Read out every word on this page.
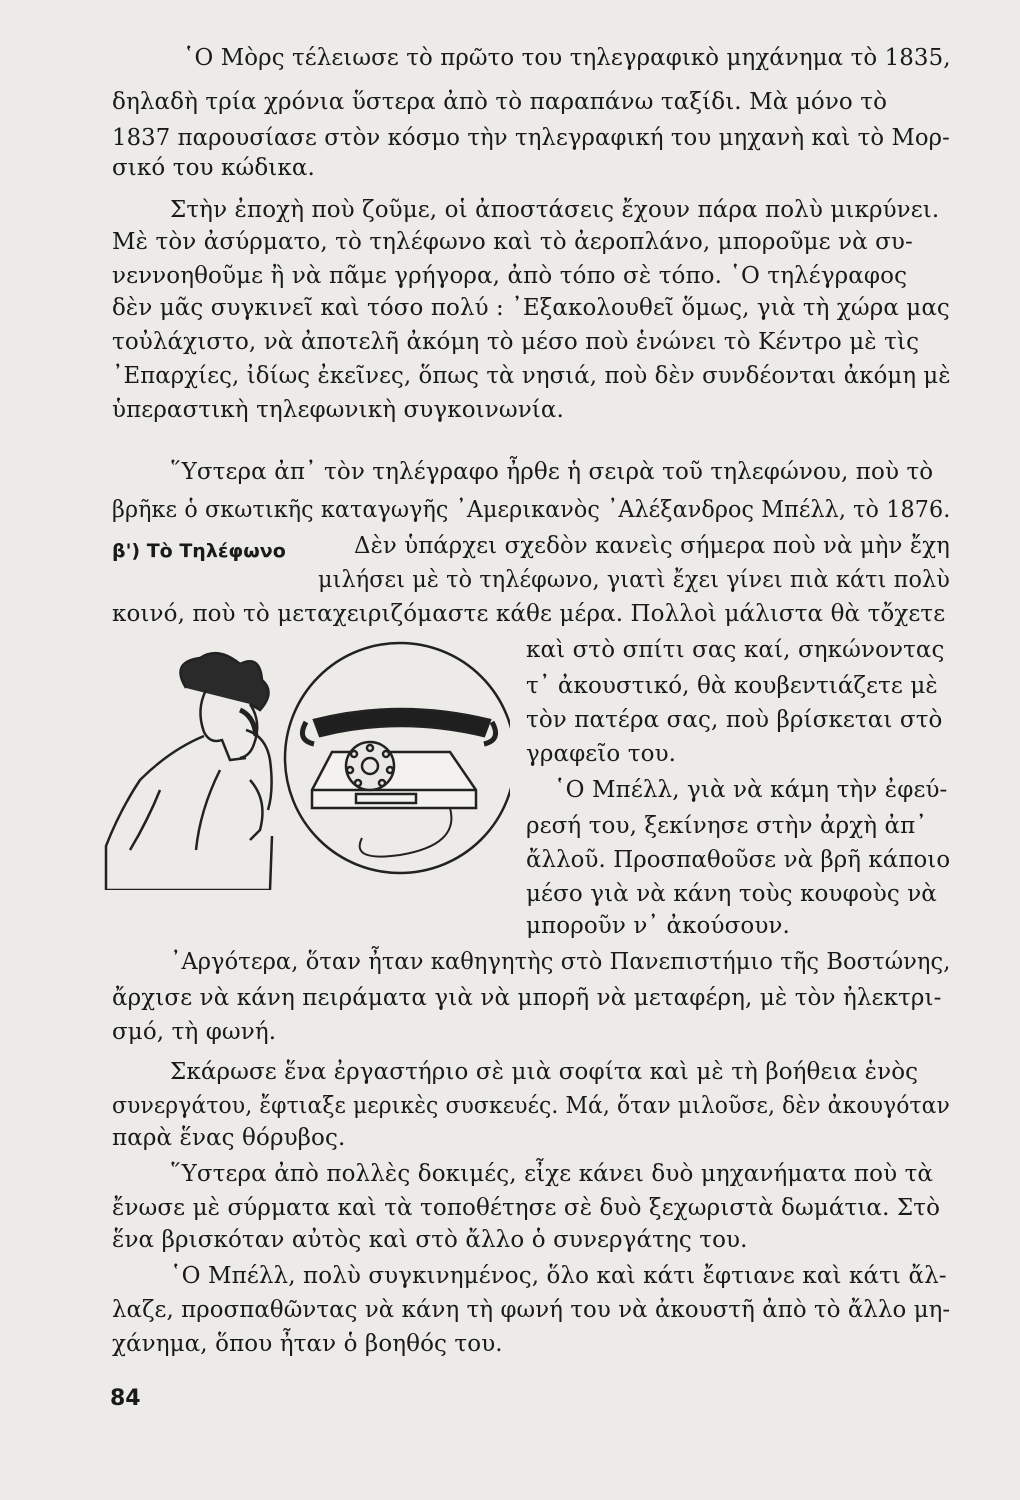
῾Ο Μὸρς τέλειωσε τὸ πρῶτο του τηλεγραφικὸ μηχάνημα τὸ 1835,
δηλαδὴ τρία χρόνια ὕστερα ἀπὸ τὸ παραπάνω ταξίδι. Μὰ μόνο τὸ
1837 παρουσίασε στὸν κόσμο τὴν τηλεγραφική του μηχανὴ καὶ τὸ Μορ-
σικό του κώδικα.
Στὴν ἐποχὴ ποὺ ζοῦμε, οἱ ἀποστάσεις ἔχουν πάρα πολὺ μικρύνει.
Μὲ τὸν ἀσύρματο, τὸ τηλέφωνο καὶ τὸ ἀεροπλάνο, μποροῦμε νὰ συ-
νεννοηθοῦμε ἢ νὰ πᾶμε γρήγορα, ἀπὸ τόπο σὲ τόπο. ῾Ο τηλέγραφος
δὲν μᾶς συγκινεῖ καὶ τόσο πολύ : ᾿Εξακολουθεῖ ὅμως, γιὰ τὴ χώρα μας
τοὐλάχιστο, νὰ ἀποτελῆ ἀκόμη τὸ μέσο ποὺ ἑνώνει τὸ Κέντρο μὲ τὶς
᾿Επαρχίες, ἰδίως ἐκεῖνες, ὅπως τὰ νησιά, ποὺ δὲν συνδέονται ἀκόμη μὲ
ὑπεραστικὴ τηλεφωνικὴ συγκοινωνία.
῞Υστερα ἀπ᾿ τὸν τηλέγραφο ἦρθε ἡ σειρὰ τοῦ τηλεφώνου, ποὺ τὸ
βρῆκε ὁ σκωτικῆς καταγωγῆς ᾿Αμερικανὸς ᾿Αλέξανδρος Μπέλλ, τὸ 1876.
β') Τὸ Τηλέφωνο	Δὲν ὑπάρχει σχεδὸν κανεὶς σήμερα ποὺ νὰ μὴν ἔχη
μιλήσει μὲ τὸ τηλέφωνο, γιατὶ ἔχει γίνει πιὰ κάτι πολὺ
κοινό, ποὺ τὸ μεταχειριζόμαστε κάθε μέρα. Πολλοὶ μάλιστα θὰ τὄχετε
καὶ στὸ σπίτι σας καί, σηκώνοντας
τ᾿ ἀκουστικό, θὰ κουβεντιάζετε μὲ
τὸν πατέρα σας, ποὺ βρίσκεται στὸ
γραφεῖο του.
῾Ο Μπέλλ, γιὰ νὰ κάμη τὴν ἐφεύ-
ρεσή του, ξεκίνησε στὴν ἀρχὴ ἀπ᾿
ἄλλοῦ. Προσπαθοῦσε νὰ βρῆ κάποιο
μέσο γιὰ νὰ κάνη τοὺς κουφοὺς νὰ
μποροῦν ν᾿ ἀκούσουν.
᾿Αργότερα, ὅταν ἦταν καθηγητὴς στὸ Πανεπιστήμιο τῆς Βοστώνης,
ἄρχισε νὰ κάνη πειράματα γιὰ νὰ μπορῆ νὰ μεταφέρη, μὲ τὸν ἠλεκτρι-
σμό, τὴ φωνή.
Σκάρωσε ἕνα ἐργαστήριο σὲ μιὰ σοφίτα καὶ μὲ τὴ βοήθεια ἑνὸς
συνεργάτου, ἔφτιαξε μερικὲς συσκευές. Μά, ὅταν μιλοῦσε, δὲν ἀκουγόταν
παρὰ ἕνας θόρυβος.
῞Υστερα ἀπὸ πολλὲς δοκιμές, εἶχε κάνει δυὸ μηχανήματα ποὺ τὰ
ἔνωσε μὲ σύρματα καὶ τὰ τοποθέτησε σὲ δυὸ ξεχωριστὰ δωμάτια. Στὸ
ἕνα βρισκόταν αὐτὸς καὶ στὸ ἄλλο ὁ συνεργάτης του.
῾Ο Μπέλλ, πολὺ συγκινημένος, ὅλο καὶ κάτι ἔφτιανε καὶ κάτι ἄλ-
λαζε, προσπαθῶντας νὰ κάνη τὴ φωνή του νὰ ἀκουστῆ ἀπὸ τὸ ἄλλο μη-
χάνημα, ὅπου ἦταν ὁ βοηθός του.
84
